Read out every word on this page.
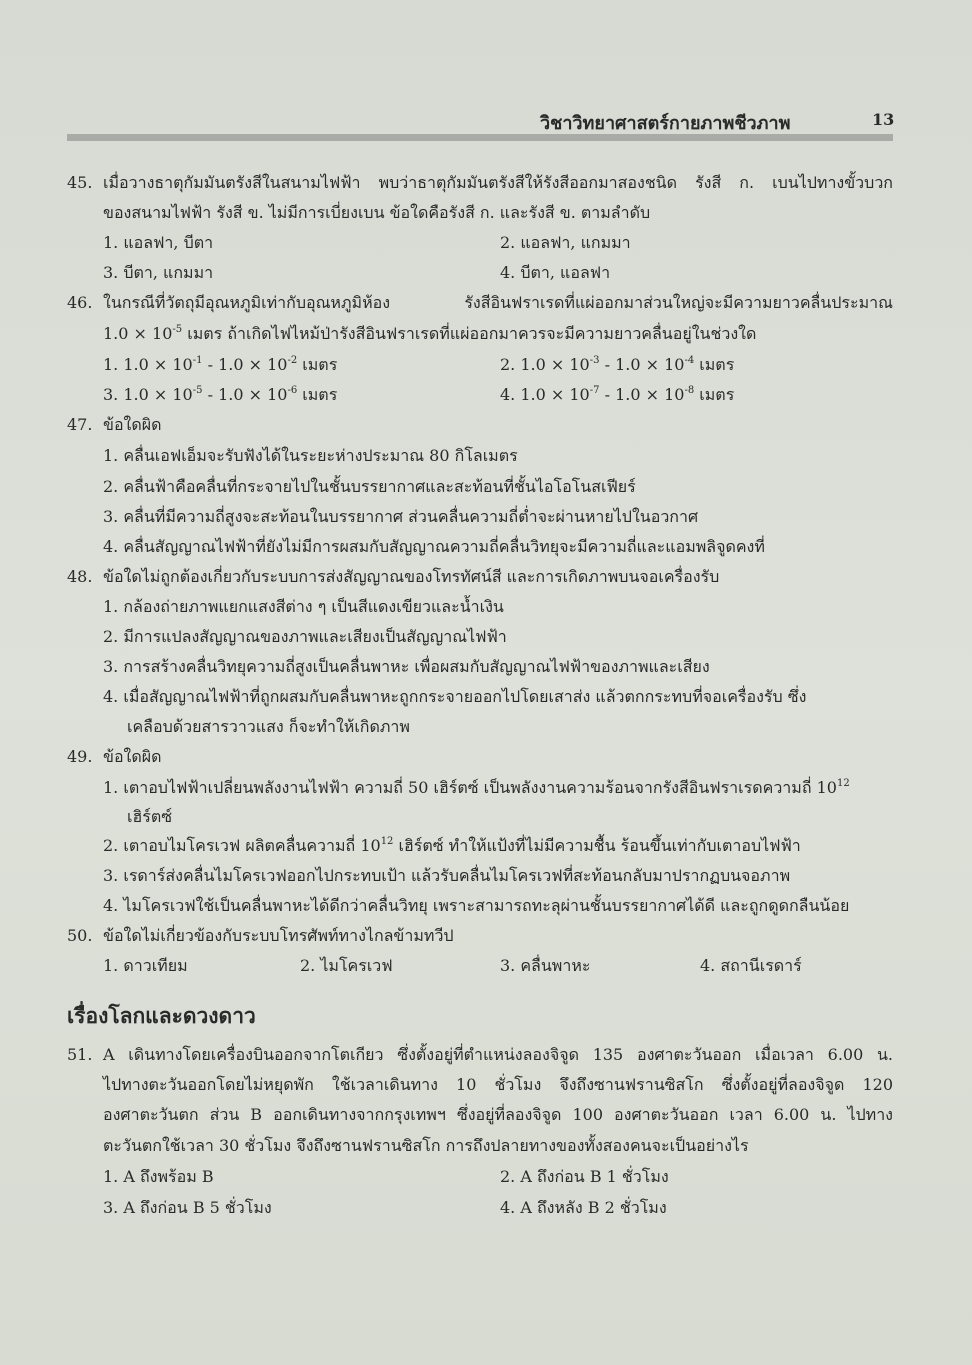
วิชาวิทยาศาสตร์กายภาพชีวภาพ	13
45. เมื่อวางธาตุกัมมันตรังสีในสนามไฟฟ้า พบว่าธาตุกัมมันตรังสีให้รังสีออกมาสองชนิด รังสี ก. เบนไปทางขั้วบวก
ของสนามไฟฟ้า รังสี ข. ไม่มีการเบี่ยงเบน ข้อใดคือรังสี ก. และรังสี ข. ตามลำดับ
1. แอลฟา, บีตา	2. แอลฟา, แกมมา
3. บีตา, แกมมา	4. บีตา, แอลฟา
46. ในกรณีที่วัตถุมีอุณหภูมิเท่ากับอุณหภูมิห้อง รังสีอินฟราเรดที่แผ่ออกมาส่วนใหญ่จะมีความยาวคลื่นประมาณ
$1.0 \times 10^{-5}$ เมตร ถ้าเกิดไฟไหม้ป่ารังสีอินฟราเรดที่แผ่ออกมาควรจะมีความยาวคลื่นอยู่ในช่วงใด
1. $1.0 \times 10^{-1} - 1.0 \times 10^{-2}$ เมตร	2. $1.0 \times 10^{-3} - 1.0 \times 10^{-4}$ เมตร
3. $1.0 \times 10^{-5} - 1.0 \times 10^{-6}$ เมตร	4. $1.0 \times 10^{-7} - 1.0 \times 10^{-8}$ เมตร
47. ข้อใดผิด
1. คลื่นเอฟเอ็มจะรับฟังได้ในระยะห่างประมาณ 80 กิโลเมตร
2. คลื่นฟ้าคือคลื่นที่กระจายไปในชั้นบรรยากาศและสะท้อนที่ชั้นไอโอโนสเฟียร์
3. คลื่นที่มีความถี่สูงจะสะท้อนในบรรยากาศ ส่วนคลื่นความถี่ต่ำจะผ่านหายไปในอวกาศ
4. คลื่นสัญญาณไฟฟ้าที่ยังไม่มีการผสมกับสัญญาณความถี่คลื่นวิทยุจะมีความถี่และแอมพลิจูดคงที่
48. ข้อใดไม่ถูกต้องเกี่ยวกับระบบการส่งสัญญาณของโทรทัศน์สี และการเกิดภาพบนจอเครื่องรับ
1. กล้องถ่ายภาพแยกแสงสีต่าง ๆ เป็นสีแดงเขียวและน้ำเงิน
2. มีการแปลงสัญญาณของภาพและเสียงเป็นสัญญาณไฟฟ้า
3. การสร้างคลื่นวิทยุความถี่สูงเป็นคลื่นพาหะ เพื่อผสมกับสัญญาณไฟฟ้าของภาพและเสียง
4. เมื่อสัญญาณไฟฟ้าที่ถูกผสมกับคลื่นพาหะถูกกระจายออกไปโดยเสาส่ง แล้วตกกระทบที่จอเครื่องรับ ซึ่ง
เคลือบด้วยสารวาวแสง ก็จะทำให้เกิดภาพ
49. ข้อใดผิด
1. เตาอบไฟฟ้าเปลี่ยนพลังงานไฟฟ้า ความถี่ 50 เฮิร์ตซ์ เป็นพลังงานความร้อนจากรังสีอินฟราเรดความถี่ $10^{12}$
เฮิร์ตซ์
2. เตาอบไมโครเวฟ ผลิตคลื่นความถี่ $10^{12}$ เฮิร์ตซ์ ทำให้แป้งที่ไม่มีความชื้น ร้อนขึ้นเท่ากับเตาอบไฟฟ้า
3. เรดาร์ส่งคลื่นไมโครเวฟออกไปกระทบเป้า แล้วรับคลื่นไมโครเวฟที่สะท้อนกลับมาปรากฏบนจอภาพ
4. ไมโครเวฟใช้เป็นคลื่นพาหะได้ดีกว่าคลื่นวิทยุ เพราะสามารถทะลุผ่านชั้นบรรยากาศได้ดี และถูกดูดกลืนน้อย
50. ข้อใดไม่เกี่ยวข้องกับระบบโทรศัพท์ทางไกลข้ามทวีป
1. ดาวเทียม	2. ไมโครเวฟ	3. คลื่นพาหะ	4. สถานีเรดาร์
เรื่องโลกและดวงดาว
51. A เดินทางโดยเครื่องบินออกจากโตเกียว ซึ่งตั้งอยู่ที่ตำแหน่งลองจิจูด 135 องศาตะวันออก เมื่อเวลา 6.00 น.
ไปทางตะวันออกโดยไม่หยุดพัก ใช้เวลาเดินทาง 10 ชั่วโมง จึงถึงซานฟรานซิสโก ซึ่งตั้งอยู่ที่ลองจิจูด 120
องศาตะวันตก ส่วน B ออกเดินทางจากกรุงเทพฯ ซึ่งอยู่ที่ลองจิจูด 100 องศาตะวันออก เวลา 6.00 น. ไปทาง
ตะวันตกใช้เวลา 30 ชั่วโมง จึงถึงซานฟรานซิสโก การถึงปลายทางของทั้งสองคนจะเป็นอย่างไร
1. A ถึงพร้อม B	2. A ถึงก่อน B 1 ชั่วโมง
3. A ถึงก่อน B 5 ชั่วโมง	4. A ถึงหลัง B 2 ชั่วโมง
